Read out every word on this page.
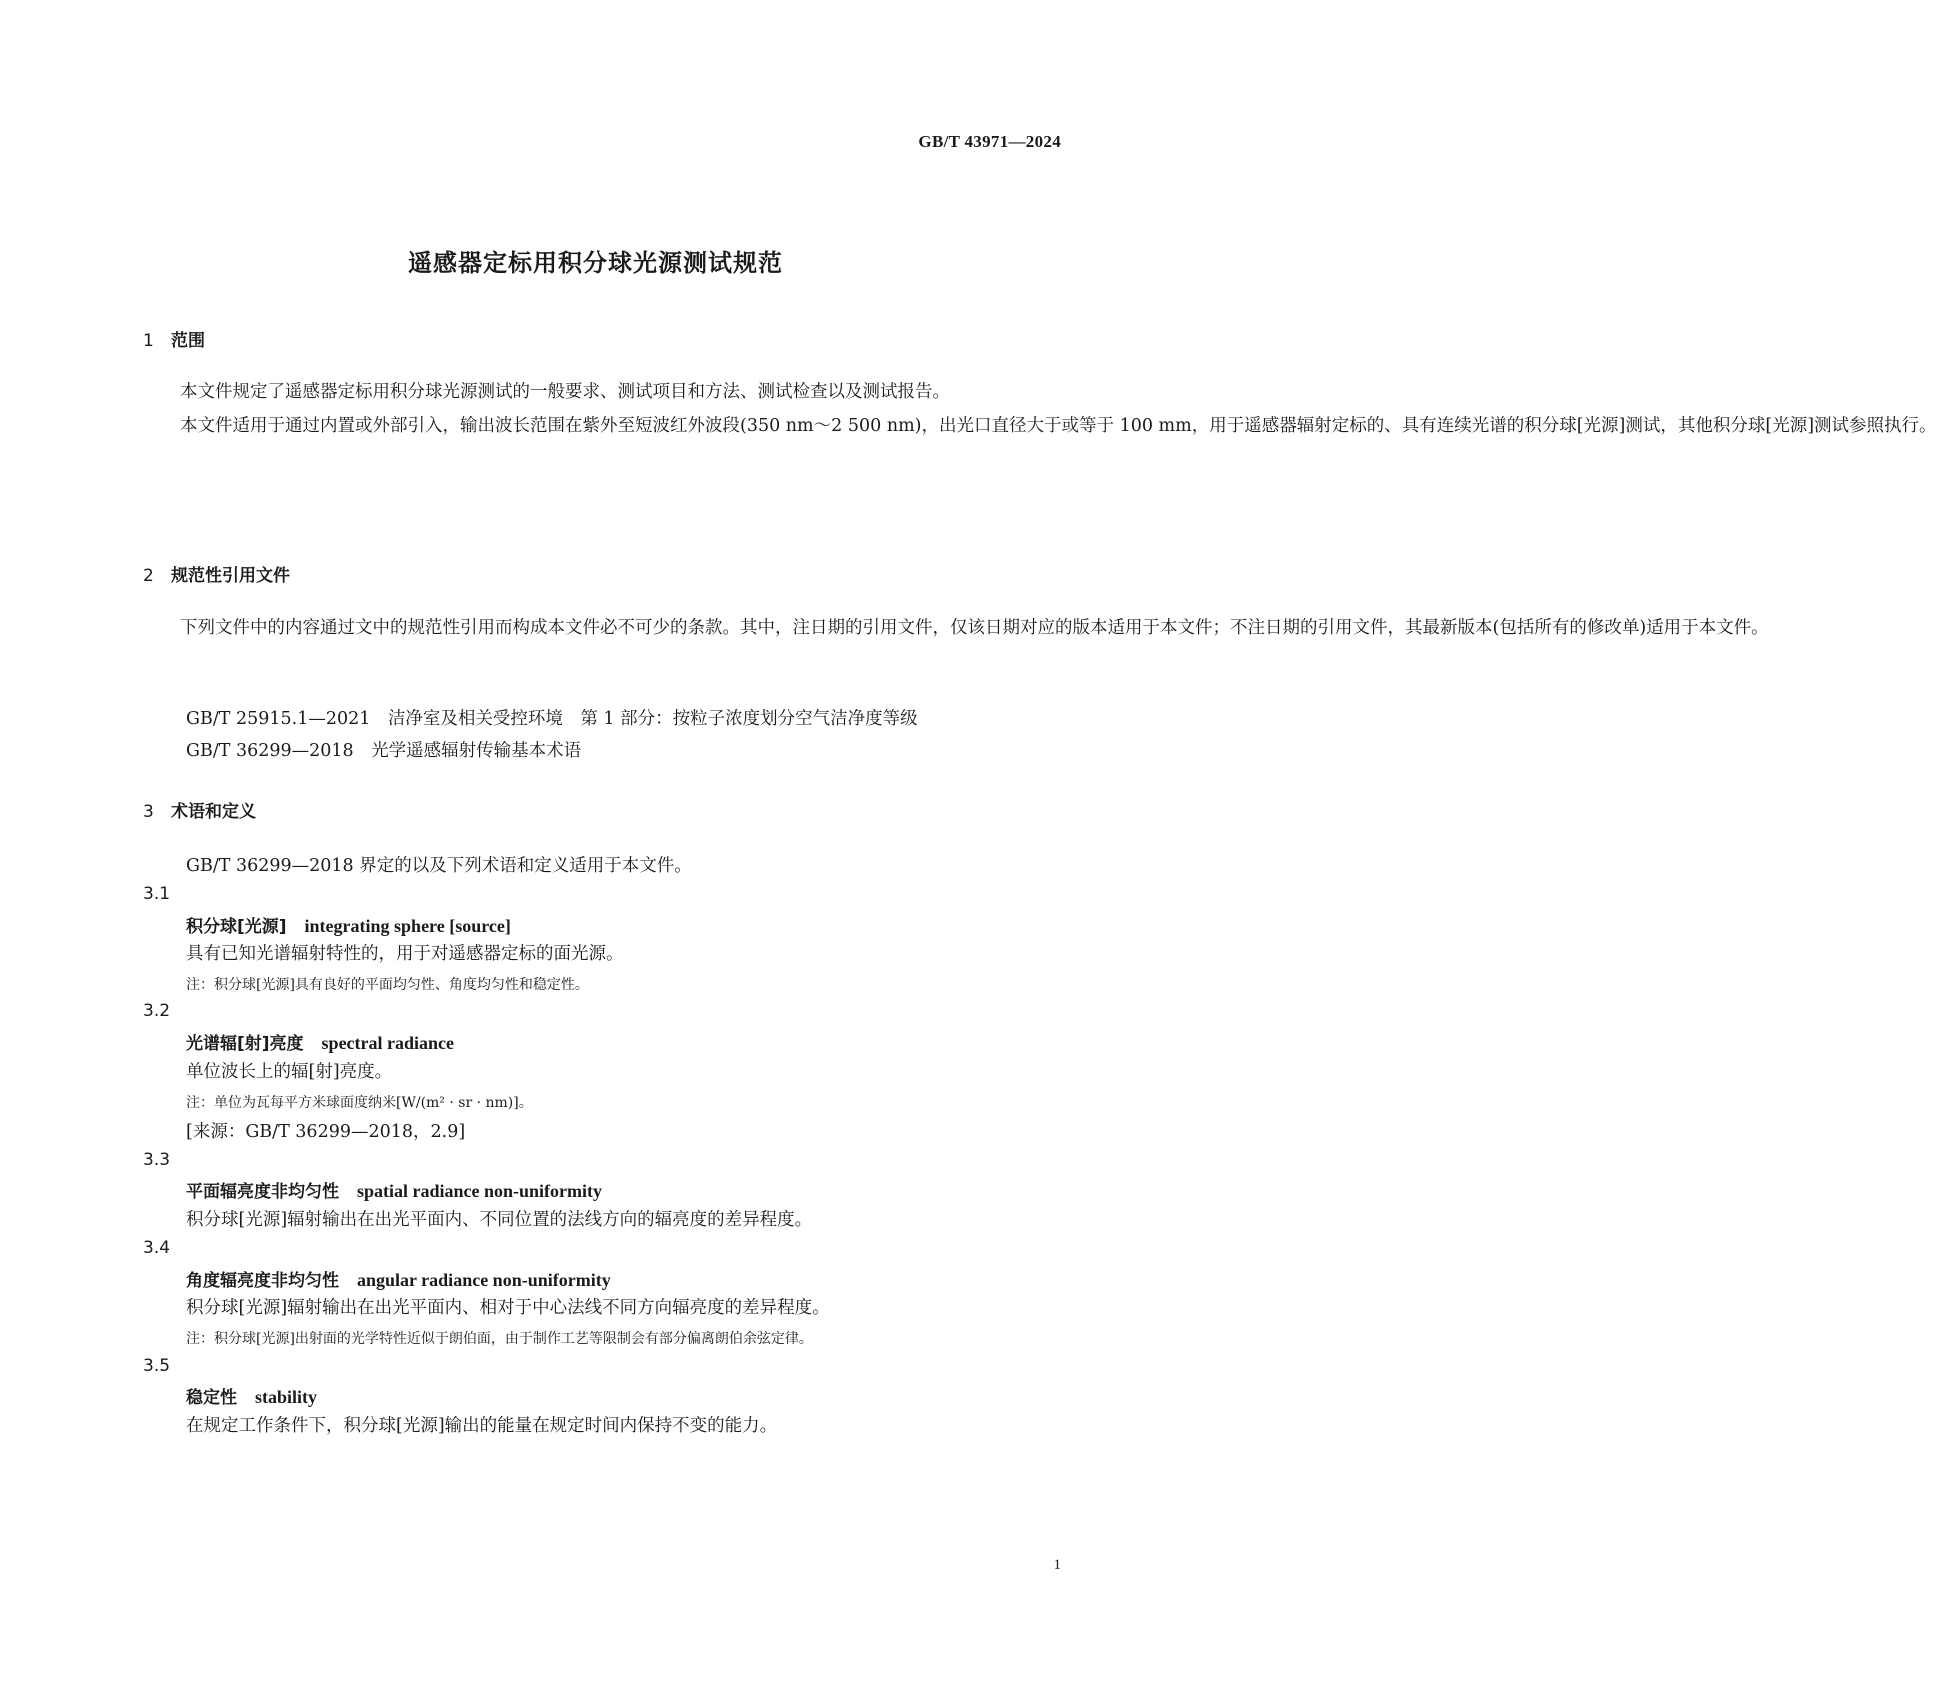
GB/T 43971—2024
遥感器定标用积分球光源测试规范
1 范围

本文件规定了遥感器定标用积分球光源测试的一般要求、测试项目和方法、测试检查以及测试报告。

本文件适用于通过内置或外部引入，输出波长范围在紫外至短波红外波段(350 nm～2 500 nm)，出光口直径大于或等于 100 mm，用于遥感器辐射定标的、具有连续光谱的积分球[光源]测试，其他积分球[光源]测试参照执行。

2 规范性引用文件

下列文件中的内容通过文中的规范性引用而构成本文件必不可少的条款。其中，注日期的引用文件，仅该日期对应的版本适用于本文件；不注日期的引用文件，其最新版本(包括所有的修改单)适用于本文件。

GB/T 25915.1—2021　洁净室及相关受控环境　第 1 部分：按粒子浓度划分空气洁净度等级
GB/T 36299—2018　光学遥感辐射传输基本术语
3 术语和定义
GB/T 36299—2018 界定的以及下列术语和定义适用于本文件。
3.1
积分球[光源] integrating sphere [source]
具有已知光谱辐射特性的，用于对遥感器定标的面光源。
注：积分球[光源]具有良好的平面均匀性、角度均匀性和稳定性。
3.2
光谱辐[射]亮度 spectral radiance
单位波长上的辐[射]亮度。
注：单位为瓦每平方米球面度纳米[W/(m² · sr · nm)]。
[来源：GB/T 36299—2018，2.9]
3.3
平面辐亮度非均匀性 spatial radiance non-uniformity
积分球[光源]辐射输出在出光平面内、不同位置的法线方向的辐亮度的差异程度。
3.4
角度辐亮度非均匀性 angular radiance non-uniformity
积分球[光源]辐射输出在出光平面内、相对于中心法线不同方向辐亮度的差异程度。
注：积分球[光源]出射面的光学特性近似于朗伯面，由于制作工艺等限制会有部分偏离朗伯余弦定律。
3.5
稳定性 stability
在规定工作条件下，积分球[光源]输出的能量在规定时间内保持不变的能力。
1
